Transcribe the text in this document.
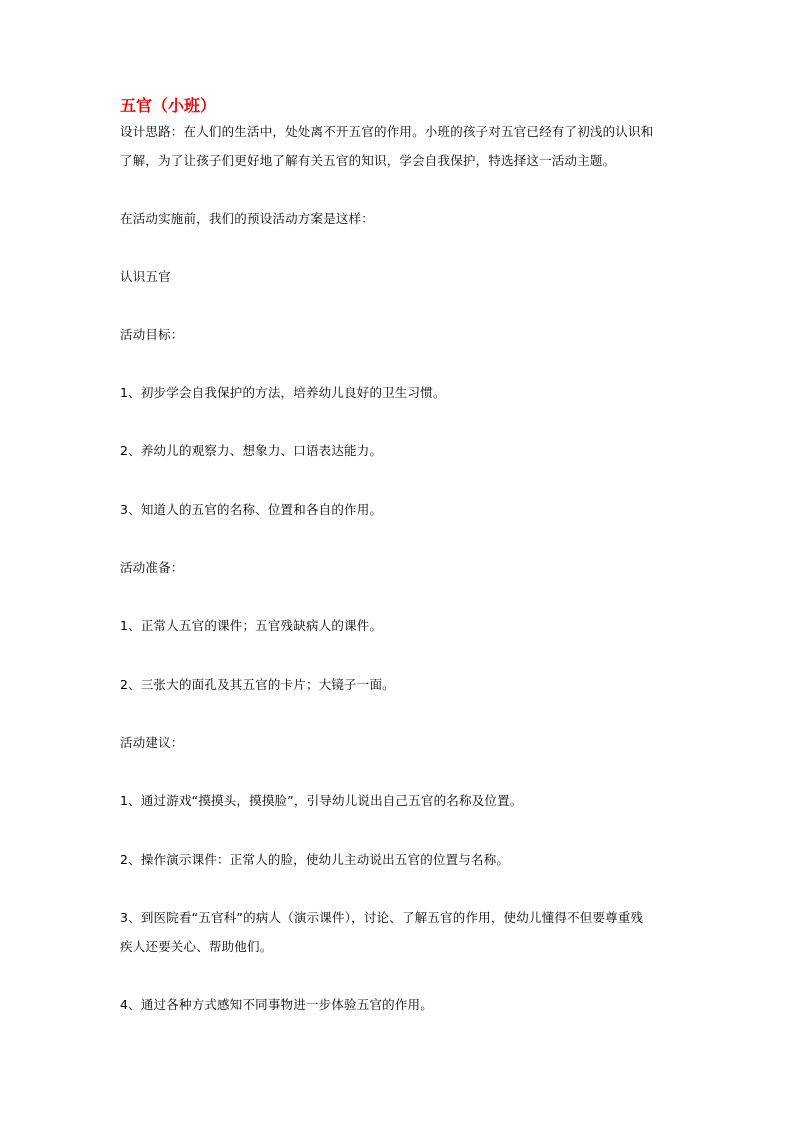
五官（小班）
设计思路：在人们的生活中，处处离不开五官的作用。小班的孩子对五官已经有了初浅的认识和
了解，为了让孩子们更好地了解有关五官的知识，学会自我保护，特选择这一活动主题。
在活动实施前，我们的预设活动方案是这样：
认识五官
活动目标：
1、初步学会自我保护的方法，培养幼儿良好的卫生习惯。
2、养幼儿的观察力、想象力、口语表达能力。
3、知道人的五官的名称、位置和各自的作用。
活动准备：
1、正常人五官的课件；五官残缺病人的课件。
2、三张大的面孔及其五官的卡片；大镜子一面。
活动建议：
1、通过游戏“摸摸头，摸摸脸”，引导幼儿说出自己五官的名称及位置。
2、操作演示课件：正常人的脸，使幼儿主动说出五官的位置与名称。
3、到医院看“五官科”的病人（演示课件），讨论、了解五官的作用，使幼儿懂得不但要尊重残
疾人还要关心、帮助他们。
4、通过各种方式感知不同事物进一步体验五官的作用。
